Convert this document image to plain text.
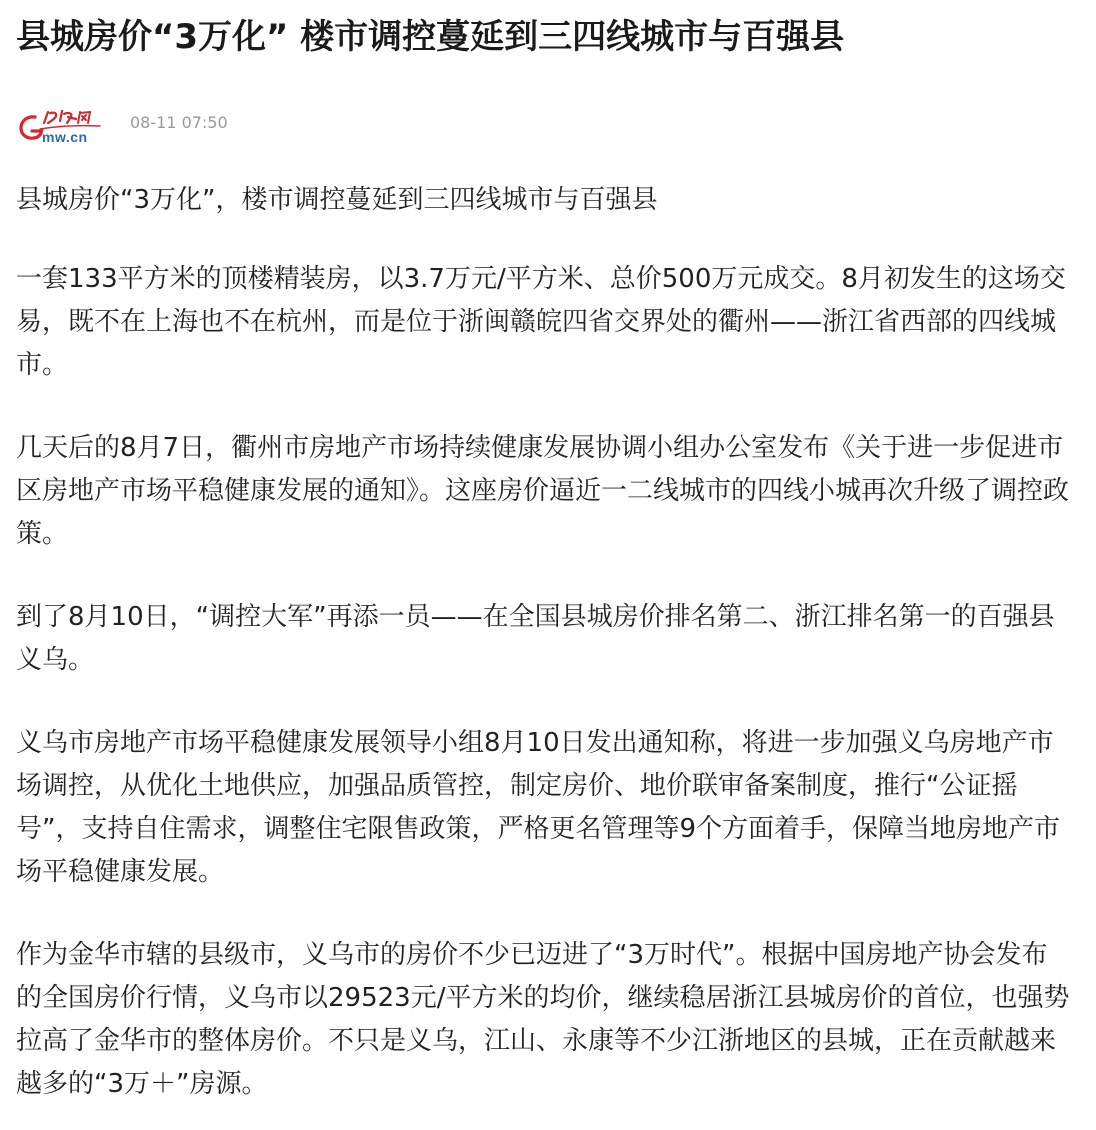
县城房价“3万化” 楼市调控蔓延到三四线城市与百强县
mw.cn
08-11 07:50

县城房价“3万化”，楼市调控蔓延到三四线城市与百强县

一套133平方米的顶楼精装房，以3.7万元/平方米、总价500万元成交。8月初发生的这场交易，既不在上海也不在杭州，而是位于浙闽赣皖四省交界处的衢州——浙江省西部的四线城市。

几天后的8月7日，衢州市房地产市场持续健康发展协调小组办公室发布《关于进一步促进市区房地产市场平稳健康发展的通知》。这座房价逼近一二线城市的四线小城再次升级了调控政策。

到了8月10日，“调控大军”再添一员——在全国县城房价排名第二、浙江排名第一的百强县义乌。

义乌市房地产市场平稳健康发展领导小组8月10日发出通知称，将进一步加强义乌房地产市场调控，从优化土地供应，加强品质管控，制定房价、地价联审备案制度，推行“公证摇号”，支持自住需求，调整住宅限售政策，严格更名管理等9个方面着手，保障当地房地产市场平稳健康发展。

作为金华市辖的县级市，义乌市的房价不少已迈进了“3万时代”。根据中国房地产协会发布的全国房价行情，义乌市以29523元/平方米的均价，继续稳居浙江县城房价的首位，也强势拉高了金华市的整体房价。不只是义乌，江山、永康等不少江浙地区的县城，正在贡献越来越多的“3万＋”房源。
